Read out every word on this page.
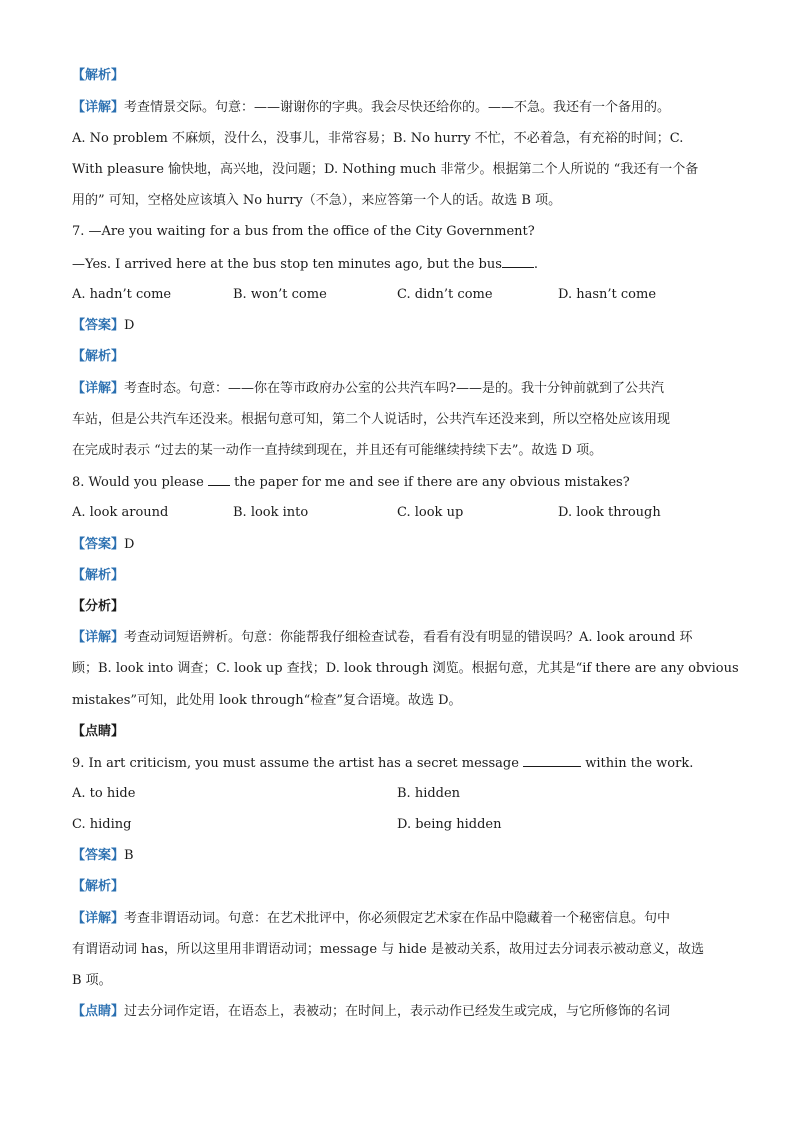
【解析】
【详解】考查情景交际。句意：——谢谢你的字典。我会尽快还给你的。——不急。我还有一个备用的。
A. No problem 不麻烦，没什么，没事儿，非常容易；B. No hurry 不忙，不必着急，有充裕的时间；C.
With pleasure 愉快地，高兴地，没问题；D. Nothing much 非常少。根据第二个人所说的 “我还有一个备
用的” 可知，空格处应该填入 No hurry（不急），来应答第一个人的话。故选 B 项。
7. —Are you waiting for a bus from the office of the City Government?
—Yes. I arrived here at the bus stop ten minutes ago, but the bus .
A. hadn’t come	B. won’t come	C. didn’t come	D. hasn’t come
【答案】D
【解析】
【详解】考查时态。句意：——你在等市政府办公室的公共汽车吗?——是的。我十分钟前就到了公共汽
车站，但是公共汽车还没来。根据句意可知，第二个人说话时，公共汽车还没来到，所以空格处应该用现
在完成时表示 “过去的某一动作一直持续到现在，并且还有可能继续持续下去”。故选 D 项。
8. Would you please the paper for me and see if there are any obvious mistakes?
A. look around	B. look into	C. look up	D. look through
【答案】D
【解析】
【分析】
【详解】考查动词短语辨析。句意：你能帮我仔细检查试卷，看看有没有明显的错误吗？A. look around 环
顾；B. look into 调查；C. look up 查找；D. look through 浏览。根据句意，尤其是“if there are any obvious
mistakes”可知，此处用 look through“检查”复合语境。故选 D。
【点睛】
9. In art criticism, you must assume the artist has a secret message	within the work.
A. to hide	B. hidden
C. hiding	D. being hidden
【答案】B
【解析】
【详解】考查非谓语动词。句意：在艺术批评中，你必须假定艺术家在作品中隐藏着一个秘密信息。句中
有谓语动词 has，所以这里用非谓语动词；message 与 hide 是被动关系，故用过去分词表示被动意义，故选
B 项。
【点睛】过去分词作定语，在语态上，表被动；在时间上，表示动作已经发生或完成，与它所修饰的名词
